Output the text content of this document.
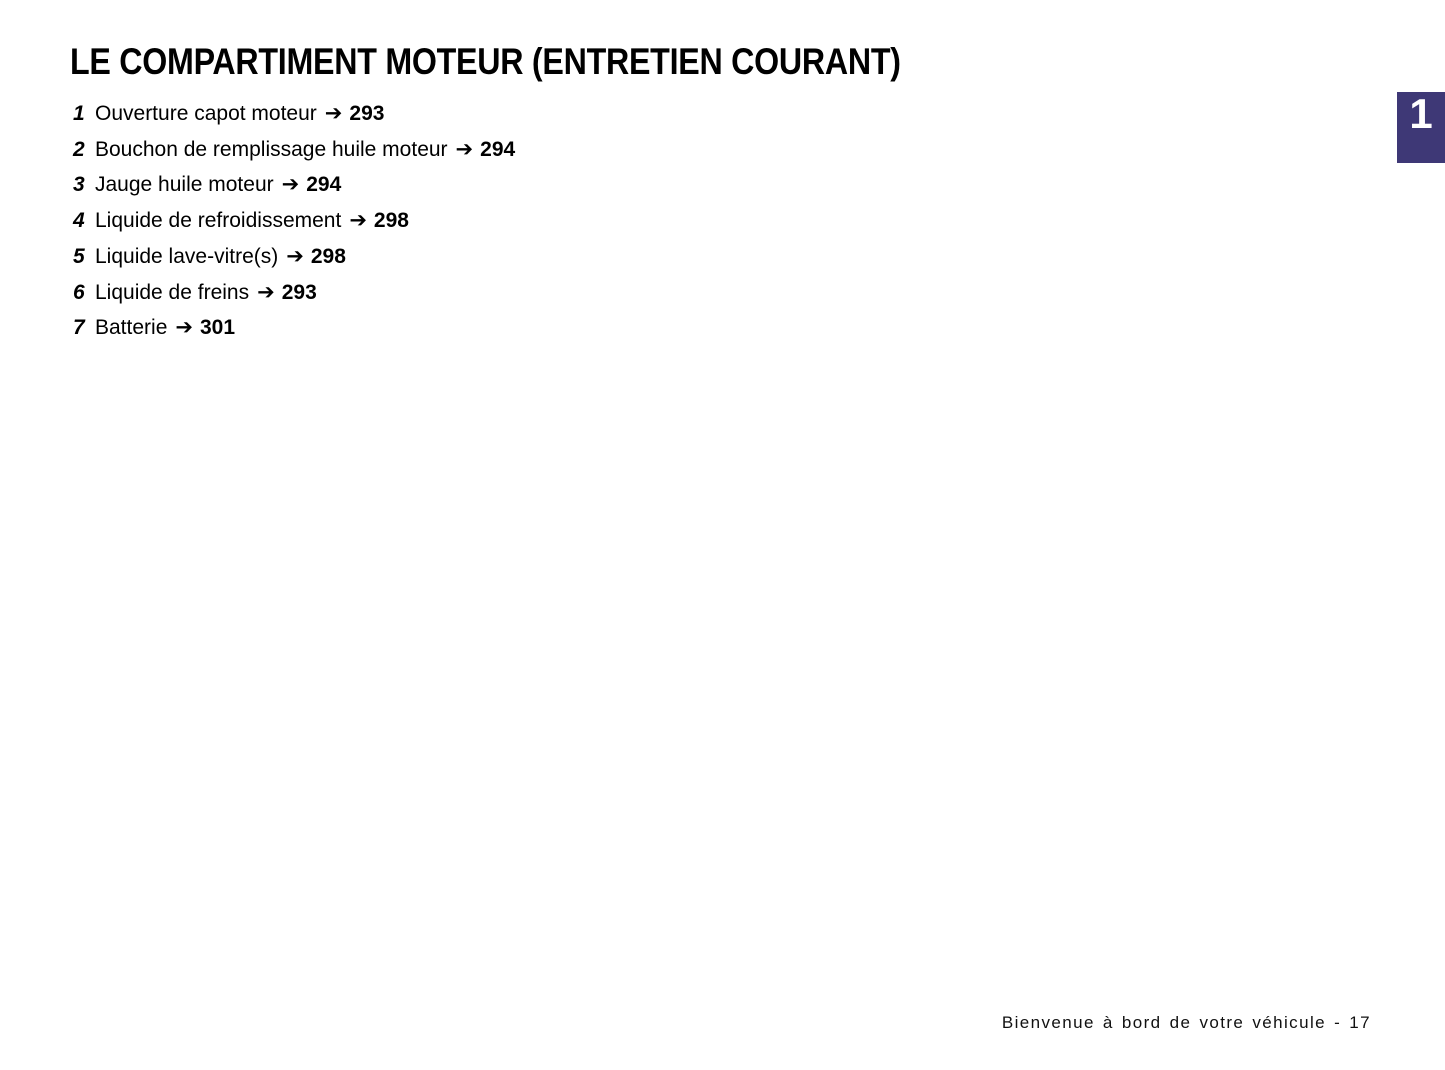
LE COMPARTIMENT MOTEUR (ENTRETIEN COURANT)
1 Ouverture capot moteur ➔ 293
2 Bouchon de remplissage huile moteur ➔ 294
3 Jauge huile moteur ➔ 294
4 Liquide de refroidissement ➔ 298
5 Liquide lave-vitre(s) ➔ 298
6 Liquide de freins ➔ 293
7 Batterie ➔ 301
1
Bienvenue à bord de votre véhicule - 17
